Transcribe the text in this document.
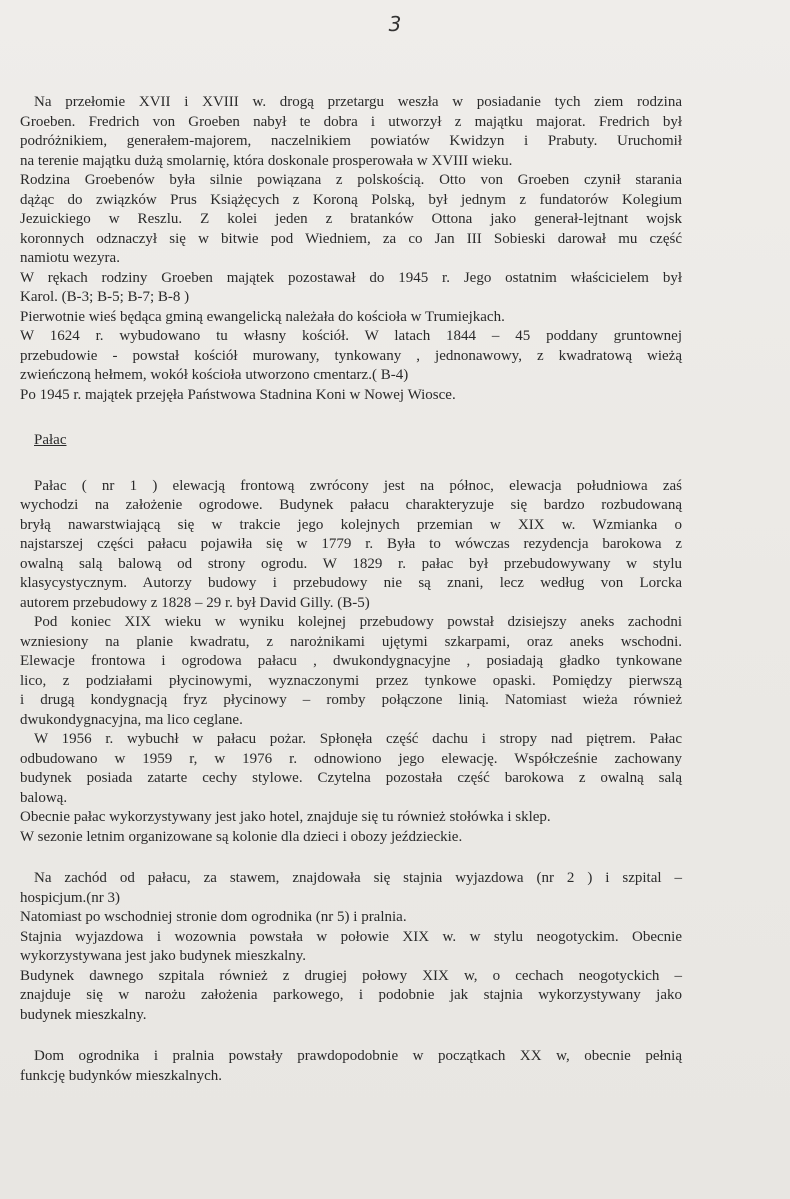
3
Na przełomie XVII i XVIII w. drogą przetargu weszła w posiadanie tych ziem rodzina
Groeben. Fredrich von Groeben nabył te dobra i utworzył z majątku majorat. Fredrich był
podróżnikiem, generałem-majorem, naczelnikiem powiatów Kwidzyn i Prabuty. Uruchomił
na terenie majątku dużą smolarnię, która doskonale prosperowała w XVIII wieku.
Rodzina Groebenów była silnie powiązana z polskością. Otto von Groeben czynił starania
dążąc do związków Prus Książęcych z Koroną Polską, był jednym z fundatorów Kolegium
Jezuickiego w Reszlu. Z kolei jeden z bratanków Ottona jako generał-lejtnant wojsk
koronnych odznaczył się w bitwie pod Wiedniem, za co Jan III Sobieski darował mu część
namiotu wezyra.
W rękach rodziny Groeben majątek pozostawał do 1945 r. Jego ostatnim właścicielem był
Karol. (B-3; B-5; B-7; B-8 )
Pierwotnie wieś będąca gminą ewangelicką należała do kościoła w Trumiejkach.
W 1624 r. wybudowano tu własny kościół. W latach 1844 – 45 poddany gruntownej
przebudowie - powstał kościół murowany, tynkowany , jednonawowy, z kwadratową wieżą
zwieńczoną hełmem, wokół kościoła utworzono cmentarz.( B-4)
Po 1945 r. majątek przejęła Państwowa Stadnina Koni w Nowej Wiosce.
Pałac
Pałac ( nr 1 ) elewacją frontową zwrócony jest na północ, elewacja południowa zaś
wychodzi na założenie ogrodowe. Budynek pałacu charakteryzuje się bardzo rozbudowaną
bryłą nawarstwiającą się w trakcie jego kolejnych przemian w XIX w. Wzmianka o
najstarszej części pałacu pojawiła się w 1779 r. Była to wówczas rezydencja barokowa z
owalną salą balową od strony ogrodu. W 1829 r. pałac był przebudowywany w stylu
klasycystycznym. Autorzy budowy i przebudowy nie są znani, lecz według von Lorcka
autorem przebudowy z 1828 – 29 r. był David Gilly. (B-5)
Pod koniec XIX wieku w wyniku kolejnej przebudowy powstał dzisiejszy aneks zachodni
wzniesiony na planie kwadratu, z narożnikami ujętymi szkarpami, oraz aneks wschodni.
Elewacje frontowa i ogrodowa pałacu , dwukondygnacyjne , posiadają gładko tynkowane
lico, z podziałami płycinowymi, wyznaczonymi przez tynkowe opaski. Pomiędzy pierwszą
i drugą kondygnacją fryz płycinowy – romby połączone linią. Natomiast wieża również
dwukondygnacyjna, ma lico ceglane.
W 1956 r. wybuchł w pałacu pożar. Spłonęła część dachu i stropy nad piętrem. Pałac
odbudowano w 1959 r, w 1976 r. odnowiono jego elewację. Współcześnie zachowany
budynek posiada zatarte cechy stylowe. Czytelna pozostała część barokowa z owalną salą
balową.
Obecnie pałac wykorzystywany jest jako hotel, znajduje się tu również stołówka i sklep.
W sezonie letnim organizowane są kolonie dla dzieci i obozy jeździeckie.
Na zachód od pałacu, za stawem, znajdowała się stajnia wyjazdowa (nr 2 ) i szpital –
hospicjum.(nr 3)
Natomiast po wschodniej stronie dom ogrodnika (nr 5) i pralnia.
Stajnia wyjazdowa i wozownia powstała w połowie XIX w. w stylu neogotyckim. Obecnie
wykorzystywana jest jako budynek mieszkalny.
Budynek dawnego szpitala również z drugiej połowy XIX w, o cechach neogotyckich –
znajduje się w narożu założenia parkowego, i podobnie jak stajnia wykorzystywany jako
budynek mieszkalny.
Dom ogrodnika i pralnia powstały prawdopodobnie w początkach XX w, obecnie pełnią
funkcję budynków mieszkalnych.
